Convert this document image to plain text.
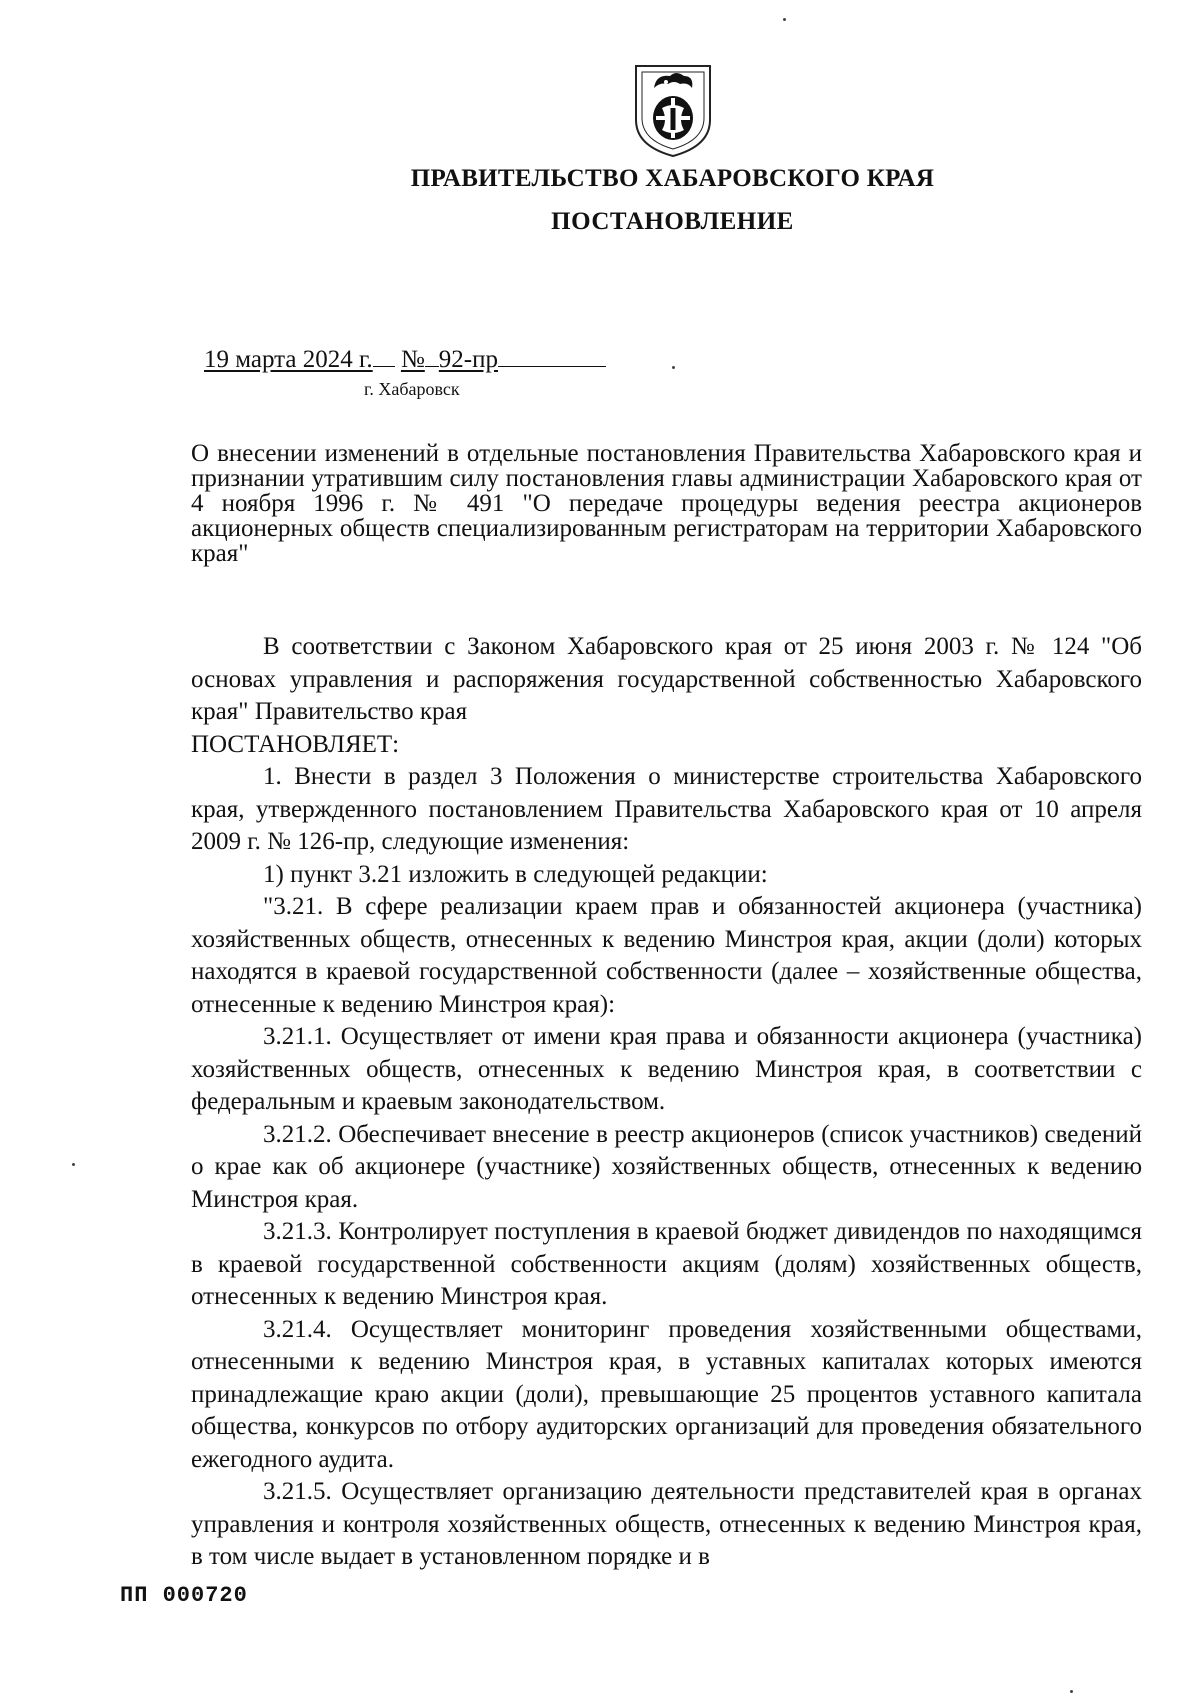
ПРАВИТЕЛЬСТВО ХАБАРОВСКОГО КРАЯ
ПОСТАНОВЛЕНИЕ
19 марта 2024 г. № 92-пр
г. Хабаровск
О внесении изменений в отдельные постановления Правительства Хабаровского края и признании утратившим силу постановления главы администрации Хабаровского края от 4 ноября 1996 г. № 491 "О передаче процедуры ведения реестра акционеров акционерных обществ специализированным регистраторам на территории Хабаровского края"

В соответствии с Законом Хабаровского края от 25 июня 2003 г. № 124 "Об основах управления и распоряжения государственной собственностью Хабаровского края" Правительство края

ПОСТАНОВЛЯЕТ:

1. Внести в раздел 3 Положения о министерстве строительства Хабаровского края, утвержденного постановлением Правительства Хабаровского края от 10 апреля 2009 г. № 126-пр, следующие изменения:

1) пункт 3.21 изложить в следующей редакции:

"3.21. В сфере реализации краем прав и обязанностей акционера (участника) хозяйственных обществ, отнесенных к ведению Минстроя края, акции (доли) которых находятся в краевой государственной собственности (далее – хозяйственные общества, отнесенные к ведению Минстроя края):

3.21.1. Осуществляет от имени края права и обязанности акционера (участника) хозяйственных обществ, отнесенных к ведению Минстроя края, в соответствии с федеральным и краевым законодательством.

3.21.2. Обеспечивает внесение в реестр акционеров (список участников) сведений о крае как об акционере (участнике) хозяйственных обществ, отнесенных к ведению Минстроя края.

3.21.3. Контролирует поступления в краевой бюджет дивидендов по находящимся в краевой государственной собственности акциям (долям) хозяйственных обществ, отнесенных к ведению Минстроя края.

3.21.4. Осуществляет мониторинг проведения хозяйственными обществами, отнесенными к ведению Минстроя края, в уставных капиталах которых имеются принадлежащие краю акции (доли), превышающие 25 процентов уставного капитала общества, конкурсов по отбору аудиторских организаций для проведения обязательного ежегодного аудита.

3.21.5. Осуществляет организацию деятельности представителей края в органах управления и контроля хозяйственных обществ, отнесенных к ведению Минстроя края, в том числе выдает в установленном порядке и в

ПП 000720
